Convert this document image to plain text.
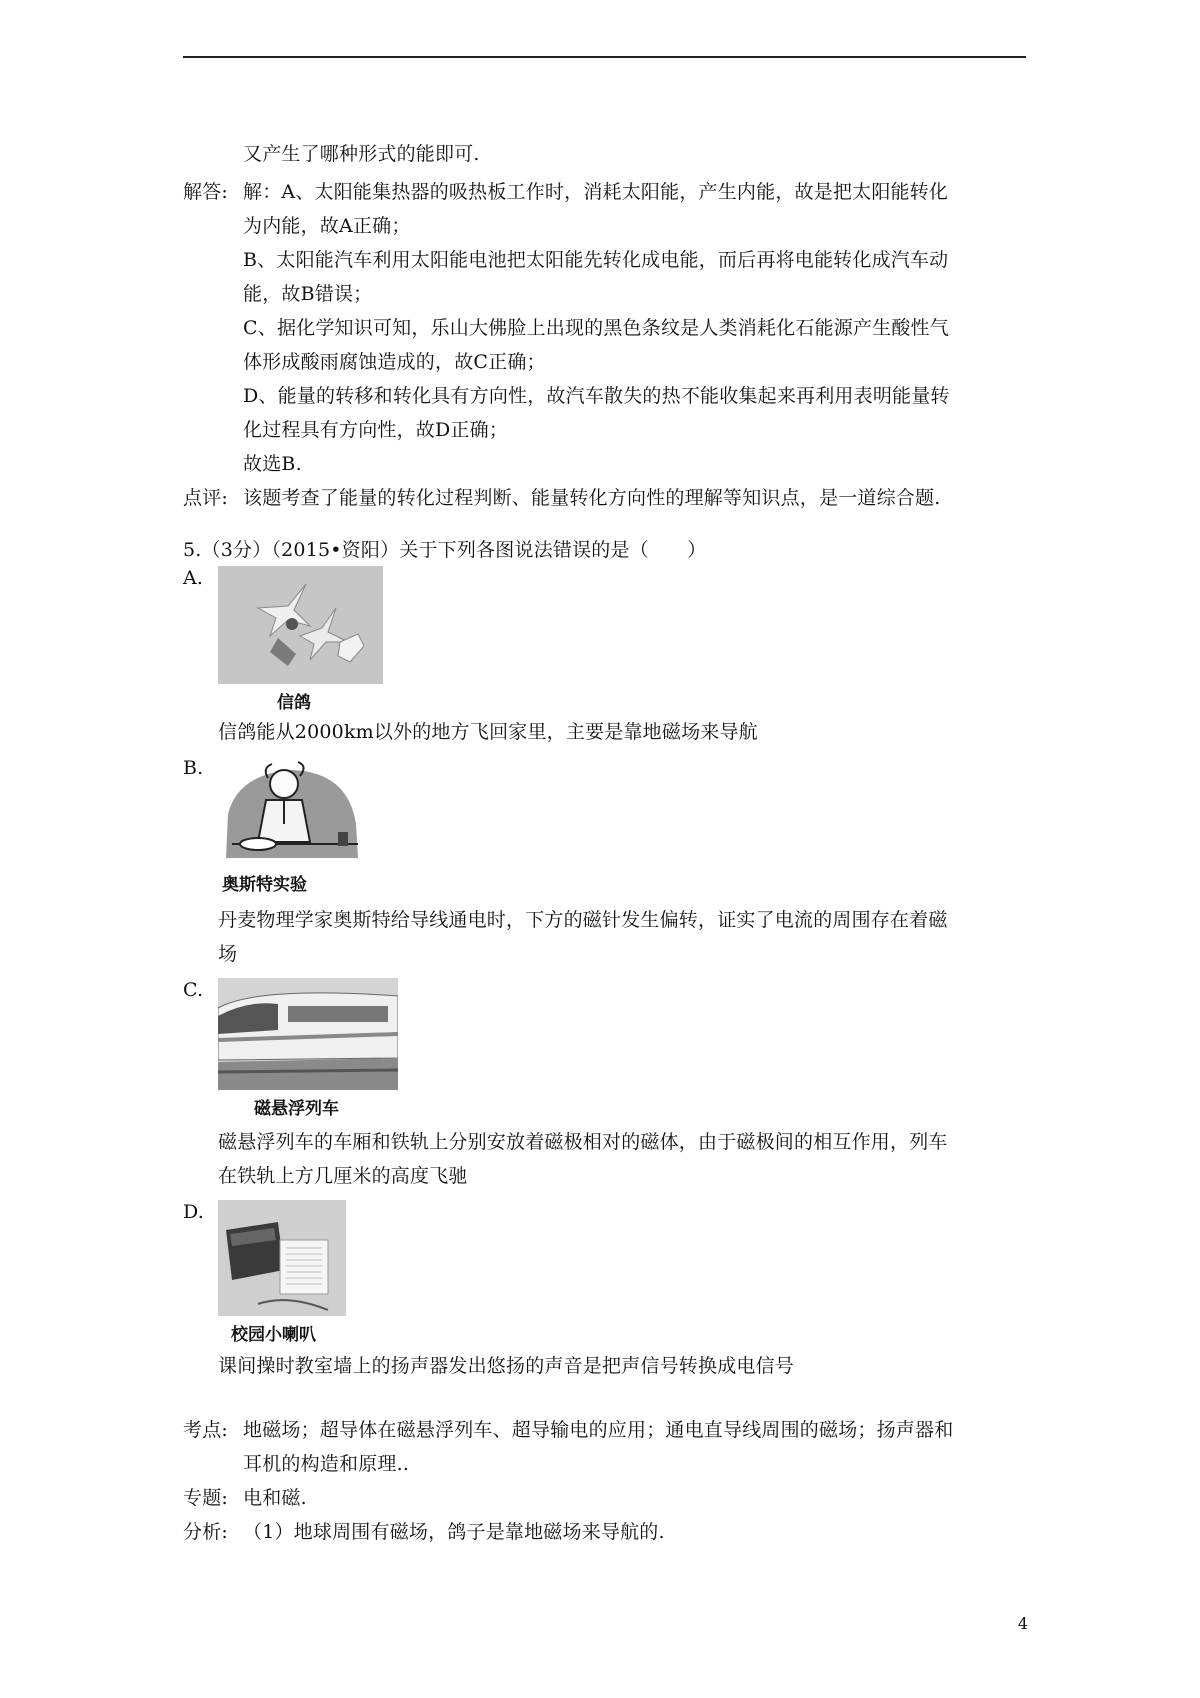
又产生了哪种形式的能即可.
解答: 解：A、太阳能集热器的吸热板工作时，消耗太阳能，产生内能，故是把太阳能转化
为内能，故A正确；
B、太阳能汽车利用太阳能电池把太阳能先转化成电能，而后再将电能转化成汽车动
能，故B错误；
C、据化学知识可知，乐山大佛脸上出现的黑色条纹是人类消耗化石能源产生酸性气
体形成酸雨腐蚀造成的，故C正确；
D、能量的转移和转化具有方向性，故汽车散失的热不能收集起来再利用表明能量转
化过程具有方向性，故D正确；
故选B.
点评: 该题考查了能量的转化过程判断、能量转化方向性的理解等知识点，是一道综合题.
5.（3分）（2015•资阳）关于下列各图说法错误的是（　　）
A.
信鸽
信鸽能从2000km以外的地方飞回家里，主要是靠地磁场来导航
B.
奥斯特实验
丹麦物理学家奥斯特给导线通电时，下方的磁针发生偏转，证实了电流的周围存在着磁
场
C.
磁悬浮列车
磁悬浮列车的车厢和铁轨上分别安放着磁极相对的磁体，由于磁极间的相互作用，列车
在铁轨上方几厘米的高度飞驰
D.
校园小喇叭
课间操时教室墙上的扬声器发出悠扬的声音是把声信号转换成电信号
考点: 地磁场；超导体在磁悬浮列车、超导输电的应用；通电直导线周围的磁场；扬声器和
耳机的构造和原理..
专题: 电和磁.
分析: （1）地球周围有磁场，鸽子是靠地磁场来导航的.
4
